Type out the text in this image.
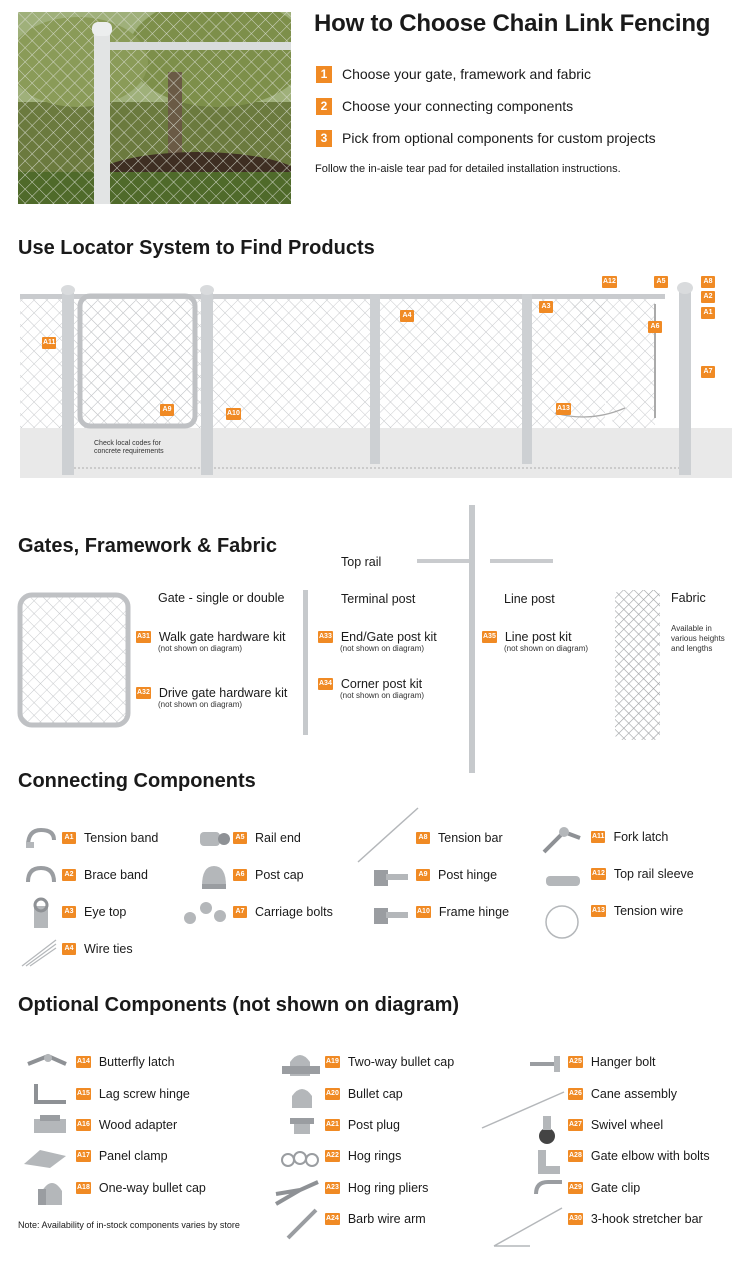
How to Choose Chain Link Fencing
1	Choose your gate, framework and fabric
2	Choose your connecting components
3	Pick from optional components for custom projects
Follow the in-aisle tear pad for detailed installation instructions.
Use Locator System to Find Products
Check local codes for concrete requirements
A12	A5	A8
A2
A1
A4
A3
A11
A6
A7
A9
A10
A13
Gates, Framework & Fabric
Top rail
Gate - single or double	Terminal post	Line post	Fabric
Available in various heights and lengths
A31 Walk gate hardware kit
(not shown on diagram)
A32 Drive gate hardware kit
(not shown on diagram)
A33 End/Gate post kit
(not shown on diagram)
A34 Corner post kit
(not shown on diagram)
A35 Line post kit
(not shown on diagram)
Connecting Components
A1 Tension band
A2 Brace band
A3 Eye top
A4 Wire ties
A5 Rail end
A6 Post cap
A7 Carriage bolts
A8 Tension bar
A9 Post hinge
A10 Frame hinge
A11 Fork latch
A12 Top rail sleeve
A13 Tension wire
Optional Components (not shown on diagram)
A14 Butterfly latch
A15 Lag screw hinge
A16 Wood adapter
A17 Panel clamp
A18 One-way bullet cap
A19 Two-way bullet cap
A20 Bullet cap
A21 Post plug
A22 Hog rings
A23 Hog ring pliers
A24 Barb wire arm
A25 Hanger bolt
A26 Cane assembly
A27 Swivel wheel
A28 Gate elbow with bolts
A29 Gate clip
A30 3-hook stretcher bar
Note: Availability of in-stock components varies by store
